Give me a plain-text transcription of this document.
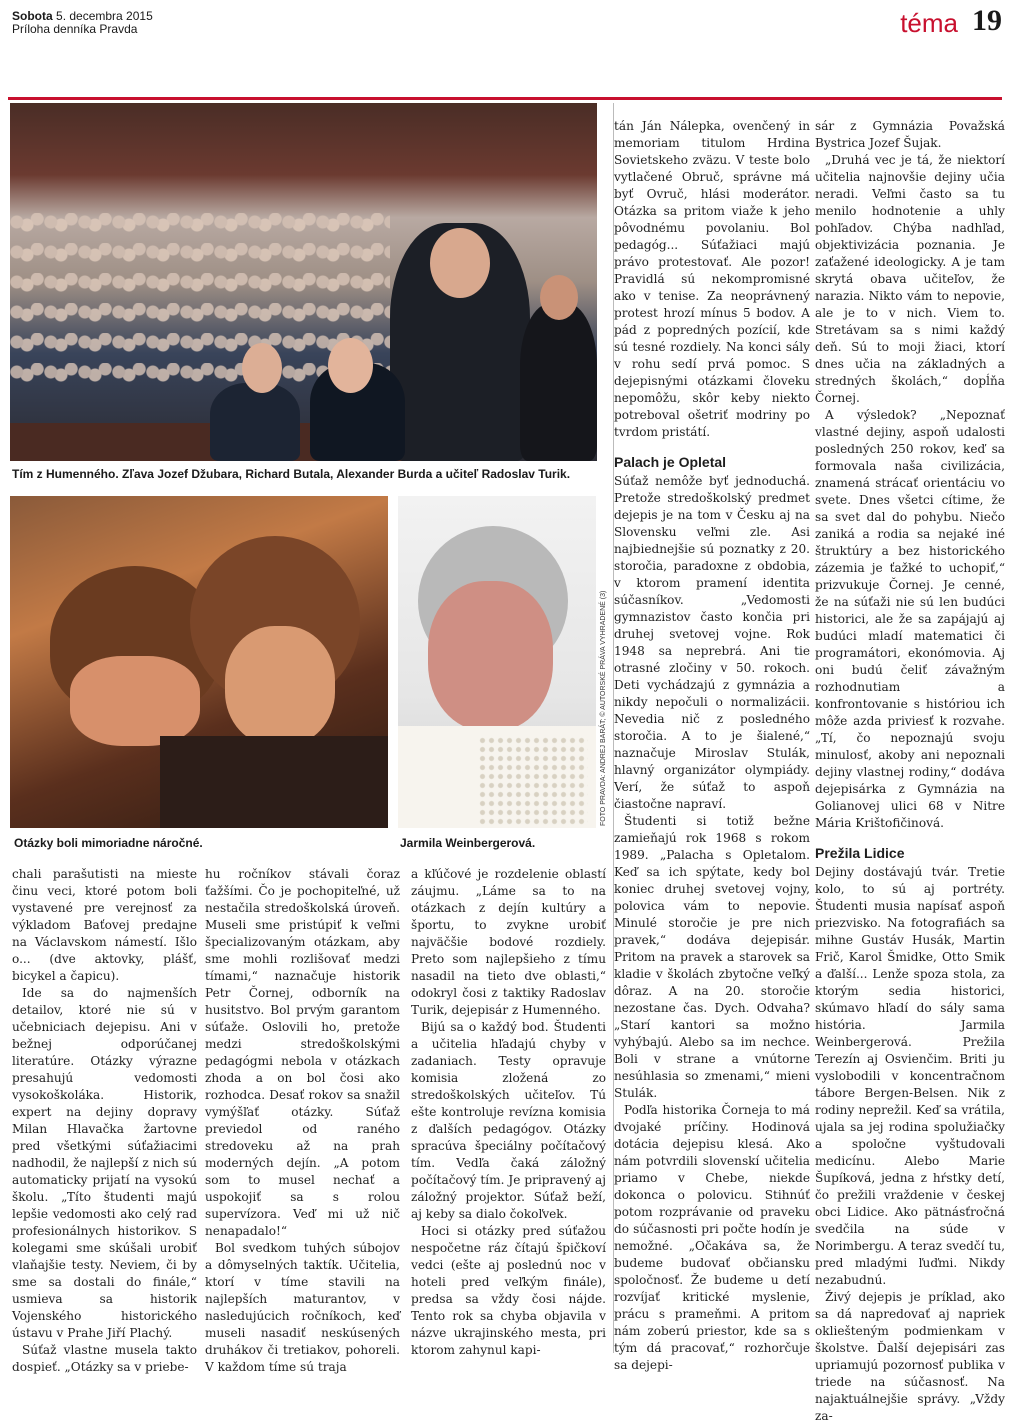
Sobota 5. decembra 2015
Príloha denníka Pravda	téma 19
Tím z Humenného. Zľava Jozef Džubara, Richard Butala, Alexander Burda a učiteľ Radoslav Turik.
Otázky boli mimoriadne náročné.	Jarmila Weinbergerová.
FOTO PRAVDA: ANDREJ BARÁT; © AUTORSKÉ PRÁVA VYHRADENÉ (3)

chali parašutisti na mieste činu veci, ktoré potom boli vystavené pre verejnosť za výkladom Baťovej predajne na Václavskom námestí. Išlo o... (dve aktovky, plášť, bicykel a čapicu).

Ide sa do najmenších detailov, ktoré nie sú v učebniciach dejepisu. Ani v bežnej odporúčanej literatúre. Otázky výrazne presahujú vedomosti vysokoškoláka. Historik, expert na dejiny dopravy Milan Hlavačka žartovne pred všetkými súťažiacimi nadhodil, že najlepší z nich sú automaticky prijatí na vysokú školu. „Títo študenti majú lepšie vedomosti ako celý rad profesionálnych historikov. S kolegami sme skúšali urobiť vlaňajšie testy. Neviem, či by sme sa dostali do finále,“ usmieva sa historik Vojenského historického ústavu v Prahe Jiří Plachý.

Súťaž vlastne musela takto dospieť. „Otázky sa v priebe-

hu ročníkov stávali čoraz ťažšími. Čo je pochopiteľné, už nestačila stredoškolská úroveň. Museli sme pristúpiť k veľmi špecializovaným otázkam, aby sme mohli rozlišovať medzi tímami,“ naznačuje historik Petr Čornej, odborník na husitstvo. Bol prvým garantom súťaže. Oslovili ho, pretože medzi stredoškolskými pedagógmi nebola v otázkach zhoda a on bol čosi ako rozhodca. Desať rokov sa snažil vymýšľať otázky. Súťaž previedol od raného stredoveku až na prah moderných dejín. „A potom som to musel nechať a uspokojiť sa s rolou supervízora. Veď mi už nič nenapadalo!“

Bol svedkom tuhých súbojov a dômyselných taktík. Učitelia, ktorí v tíme stavili na najlepších maturantov, v nasledujúcich ročníkoch, keď museli nasadiť neskúsených druhákov či tretiakov, pohoreli. V každom tíme sú traja

a kľúčové je rozdelenie oblastí záujmu. „Láme sa to na otázkach z dejín kultúry a športu, to zvykne urobiť najväčšie bodové rozdiely. Preto som najlepšieho z tímu nasadil na tieto dve oblasti,“ odokryl čosi z taktiky Radoslav Turik, dejepisár z Humenného.

Bijú sa o každý bod. Študenti a učitelia hľadajú chyby v zadaniach. Testy opravuje komisia zložená zo stredoškolských učiteľov. Tú ešte kontroluje revízna komisia z ďalších pedagógov. Otázky spracúva špeciálny počítačový tím. Vedľa čaká záložný počítačový tím. Je pripravený aj záložný projektor. Súťaž beží, aj keby sa dialo čokoľvek.

Hoci si otázky pred súťažou nespočetne ráz čítajú špičkoví vedci (ešte aj poslednú noc v hoteli pred veľkým finále), predsa sa vždy čosi nájde. Tento rok sa chyba objavila v názve ukrajinského mesta, pri ktorom zahynul kapi-

tán Ján Nálepka, ovenčený in memoriam titulom Hrdina Sovietskeho zväzu. V teste bolo vytlačené Obruč, správne má byť Ovruč, hlási moderátor. Otázka sa pritom viaže k jeho pôvodnému povolaniu. Bol pedagóg... Súťažiaci majú právo protestovať. Ale pozor! Pravidlá sú nekompromisné ako v tenise. Za neoprávnený protest hrozí mínus 5 bodov. A pád z popredných pozícií, kde sú tesné rozdiely. Na konci sály v rohu sedí prvá pomoc. S dejepisnými otázkami človeku nepomôžu, skôr keby niekto potreboval ošetriť modriny po tvrdom pristátí.

Palach je Opletal

Súťaž nemôže byť jednoduchá. Pretože stredoškolský predmet dejepis je na tom v Česku aj na Slovensku veľmi zle. Asi najbiednejšie sú poznatky z 20. storočia, paradoxne z obdobia, v ktorom pramení identita súčasníkov. „Vedomosti gymnazistov často končia pri druhej svetovej vojne. Rok 1948 sa neprebrá. Ani tie otrasné zločiny v 50. rokoch. Deti vychádzajú z gymnázia a nikdy nepočuli o normalizácii. Nevedia nič z posledného storočia. A to je šialené,“ naznačuje Miroslav Stulák, hlavný organizátor olympiády. Verí, že súťaž to aspoň čiastočne napraví.

Študenti si totiž bežne zamieňajú rok 1968 s rokom 1989. „Palacha s Opletalom. Keď sa ich spýtate, kedy bol koniec druhej svetovej vojny, polovica vám to nepovie. Minulé storočie je pre nich pravek,“ dodáva dejepisár. Pritom na pravek a starovek sa kladie v školách zbytočne veľký dôraz. A na 20. storočie nezostane čas. Dych. Odvaha? „Starí kantori sa možno vyhýbajú. Alebo sa im nechce. Boli v strane a vnútorne nesúhlasia so zmenami,“ mieni Stulák.

Podľa historika Čorneja to má dvojaké príčiny. Hodinová dotácia dejepisu klesá. Ako nám potvrdili slovenskí učitelia priamo v Chebe, niekde dokonca o polovicu. Stihnúť potom rozprávanie od praveku do súčasnosti pri počte hodín je nemožné. „Očakáva sa, že budeme budovať občiansku spoločnosť. Že budeme u detí rozvíjať kritické myslenie, prácu s prameňmi. A pritom nám zoberú priestor, kde sa s tým dá pracovať,“ rozhorčuje sa dejepi-

sár z Gymnázia Považská Bystrica Jozef Šujak.

„Druhá vec je tá, že niektorí učitelia najnovšie dejiny učia neradi. Veľmi často sa tu menilo hodnotenie a uhly pohľadov. Chýba nadhľad, objektivizácia poznania. Je zaťažené ideologicky. A je tam skrytá obava učiteľov, že narazia. Nikto vám to nepovie, ale je to v nich. Viem to. Stretávam sa s nimi každý deň. Sú to moji žiaci, ktorí dnes učia na základných a stredných školách,“ dopĺňa Čornej.

A výsledok? „Nepoznať vlastné dejiny, aspoň udalosti posledných 250 rokov, keď sa formovala naša civilizácia, znamená strácať orientáciu vo svete. Dnes všetci cítime, že sa svet dal do pohybu. Niečo zaniká a rodia sa nejaké iné štruktúry a bez historického zázemia je ťažké to uchopiť,“ prizvukuje Čornej. Je cenné, že na súťaži nie sú len budúci historici, ale že sa zapájajú aj budúci mladí matematici či programátori, ekonómovia. Aj oni budú čeliť závažným rozhodnutiam a konfrontovanie s históriou ich môže azda priviesť k rozvahe. „Tí, čo nepoznajú svoju minulosť, akoby ani nepoznali dejiny vlastnej rodiny,“ dodáva dejepisárka z Gymnázia na Golianovej ulici 68 v Nitre Mária Krištofičinová.

Prežila Lidice

Dejiny dostávajú tvár. Tretie kolo, to sú aj portréty. Študenti musia napísať aspoň priezvisko. Na fotografiách sa mihne Gustáv Husák, Martin Frič, Karol Šmidke, Otto Smik a ďalší... Lenže spoza stola, za ktorým sedia historici, skúmavo hľadí do sály sama história. Jarmila Weinbergerová. Prežila Terezín aj Osvienčim. Briti ju vyslobodili v koncentračnom tábore Bergen-Belsen. Nik z rodiny neprežil. Keď sa vrátila, ujala sa jej rodina spolužiačky a spoločne vyštudovali medicínu. Alebo Marie Šupíková, jedna z hŕstky detí, čo prežili vraždenie v českej obci Lidice. Ako pätnásťročná svedčila na súde v Norimbergu. A teraz svedčí tu, pred mladými ľuďmi. Nikdy nezabudnú.

Živý dejepis je príklad, ako sa dá napredovať aj napriek okliešteným podmienkam v školstve. Ďalší dejepisári zas upriamujú pozornosť publika v triede na súčasnosť. Na najaktuálnejšie správy. „Vždy za-
